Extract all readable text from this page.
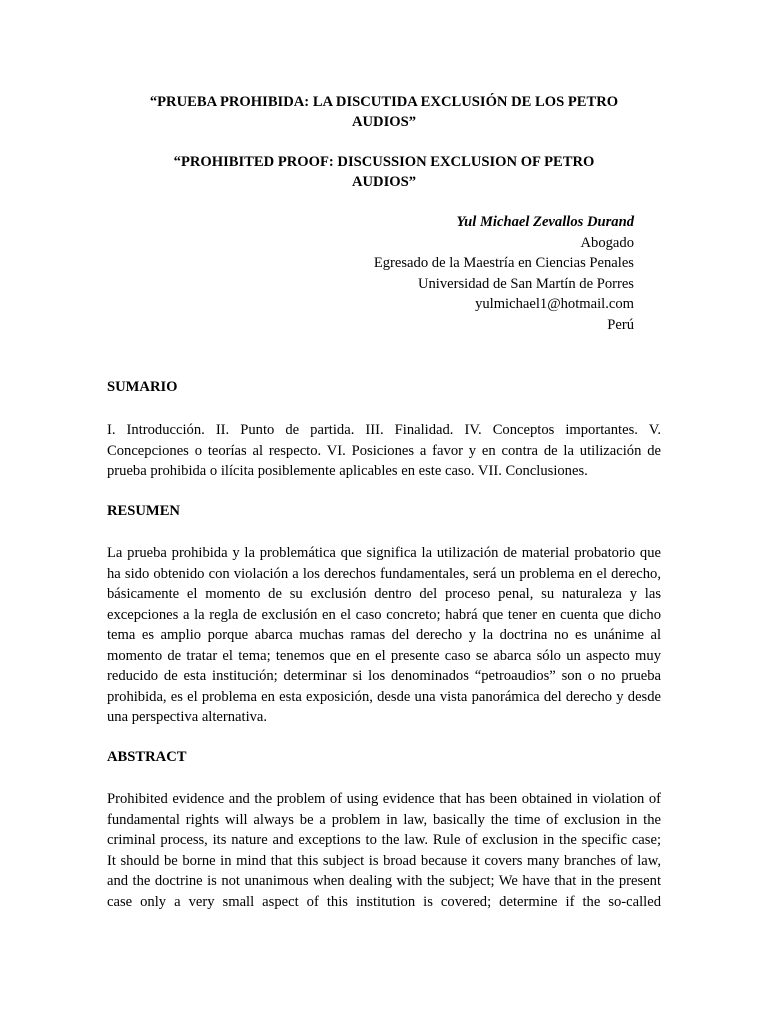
“PRUEBA PROHIBIDA: LA DISCUTIDA EXCLUSIÓN DE LOS PETRO
AUDIOS”
“PROHIBITED PROOF: DISCUSSION EXCLUSION OF PETRO
AUDIOS”
Yul Michael Zevallos Durand
Abogado
Egresado de la Maestría en Ciencias Penales
Universidad de San Martín de Porres
yulmichael1@hotmail.com
Perú
SUMARIO
I. Introducción. II. Punto de partida. III. Finalidad. IV. Conceptos importantes. V.
Concepciones o teorías al respecto. VI. Posiciones a favor y en contra de la utilización de
prueba prohibida o ilícita posiblemente aplicables en este caso. VII. Conclusiones.
RESUMEN
La prueba prohibida y la problemática que significa la utilización de material probatorio que
ha sido obtenido con violación a los derechos fundamentales, será un problema en el derecho,
básicamente el momento de su exclusión dentro del proceso penal, su naturaleza y las
excepciones a la regla de exclusión en el caso concreto; habrá que tener en cuenta que dicho
tema es amplio porque abarca muchas ramas del derecho y la doctrina no es unánime al
momento de tratar el tema; tenemos que en el presente caso se abarca sólo un aspecto muy
reducido de esta institución; determinar si los denominados “petroaudios” son o no prueba
prohibida, es el problema en esta exposición, desde una vista panorámica del derecho y desde
una perspectiva alternativa.
ABSTRACT
Prohibited evidence and the problem of using evidence that has been obtained in violation of
fundamental rights will always be a problem in law, basically the time of exclusion in the
criminal process, its nature and exceptions to the law. Rule of exclusion in the specific case;
It should be borne in mind that this subject is broad because it covers many branches of law,
and the doctrine is not unanimous when dealing with the subject; We have that in the present
case only a very small aspect of this institution is covered; determine if the so-called
